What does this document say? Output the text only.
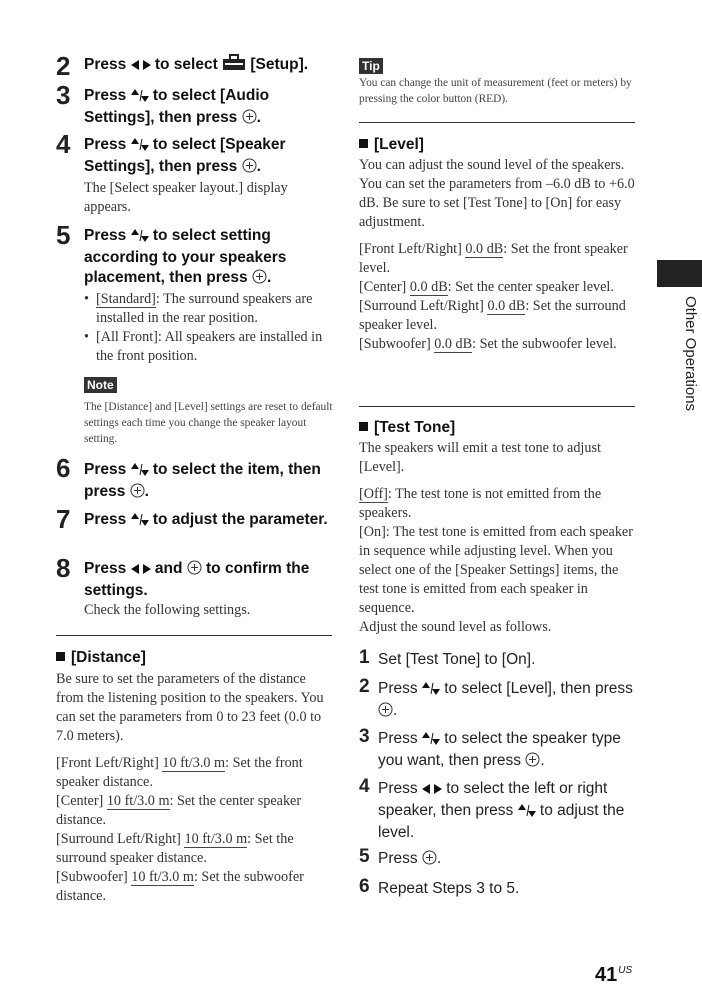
2 Press  to select  [Setup].
3 Press  to select [Audio Settings], then press .
4 Press  to select [Speaker Settings], then press .
The [Select speaker layout.] display appears.
5 Press  to select setting according to your speakers placement, then press .
• [Standard]: The surround speakers are installed in the rear position.
• [All Front]: All speakers are installed in the front position.
Note
The [Distance] and [Level] settings are reset to default settings each time you change the speaker layout setting.
6 Press  to select the item, then press .
7 Press  to adjust the parameter.
8 Press  and  to confirm the settings.
Check the following settings.
[Distance]
Be sure to set the parameters of the distance from the listening position to the speakers. You can set the parameters from 0 to 23 feet (0.0 to 7.0 meters).
[Front Left/Right] 10 ft/3.0 m: Set the front speaker distance.
[Center] 10 ft/3.0 m: Set the center speaker distance.
[Surround Left/Right] 10 ft/3.0 m: Set the surround speaker distance.
[Subwoofer] 10 ft/3.0 m: Set the subwoofer distance.
Tip
You can change the unit of measurement (feet or meters) by pressing the color button (RED).
[Level]
You can adjust the sound level of the speakers. You can set the parameters from –6.0 dB to +6.0 dB. Be sure to set [Test Tone] to [On] for easy adjustment.
[Front Left/Right] 0.0 dB: Set the front speaker level.
[Center] 0.0 dB: Set the center speaker level.
[Surround Left/Right] 0.0 dB: Set the surround speaker level.
[Subwoofer] 0.0 dB: Set the subwoofer level.
[Test Tone]
The speakers will emit a test tone to adjust [Level].
[Off]: The test tone is not emitted from the speakers.
[On]: The test tone is emitted from each speaker in sequence while adjusting level. When you select one of the [Speaker Settings] items, the test tone is emitted from each speaker in sequence.
Adjust the sound level as follows.
1 Set [Test Tone] to [On].
2 Press  to select [Level], then press .
3 Press  to select the speaker type you want, then press .
4 Press  to select the left or right speaker, then press  to adjust the level.
5 Press .
6 Repeat Steps 3 to 5.
Other Operations
$41^{US}$
